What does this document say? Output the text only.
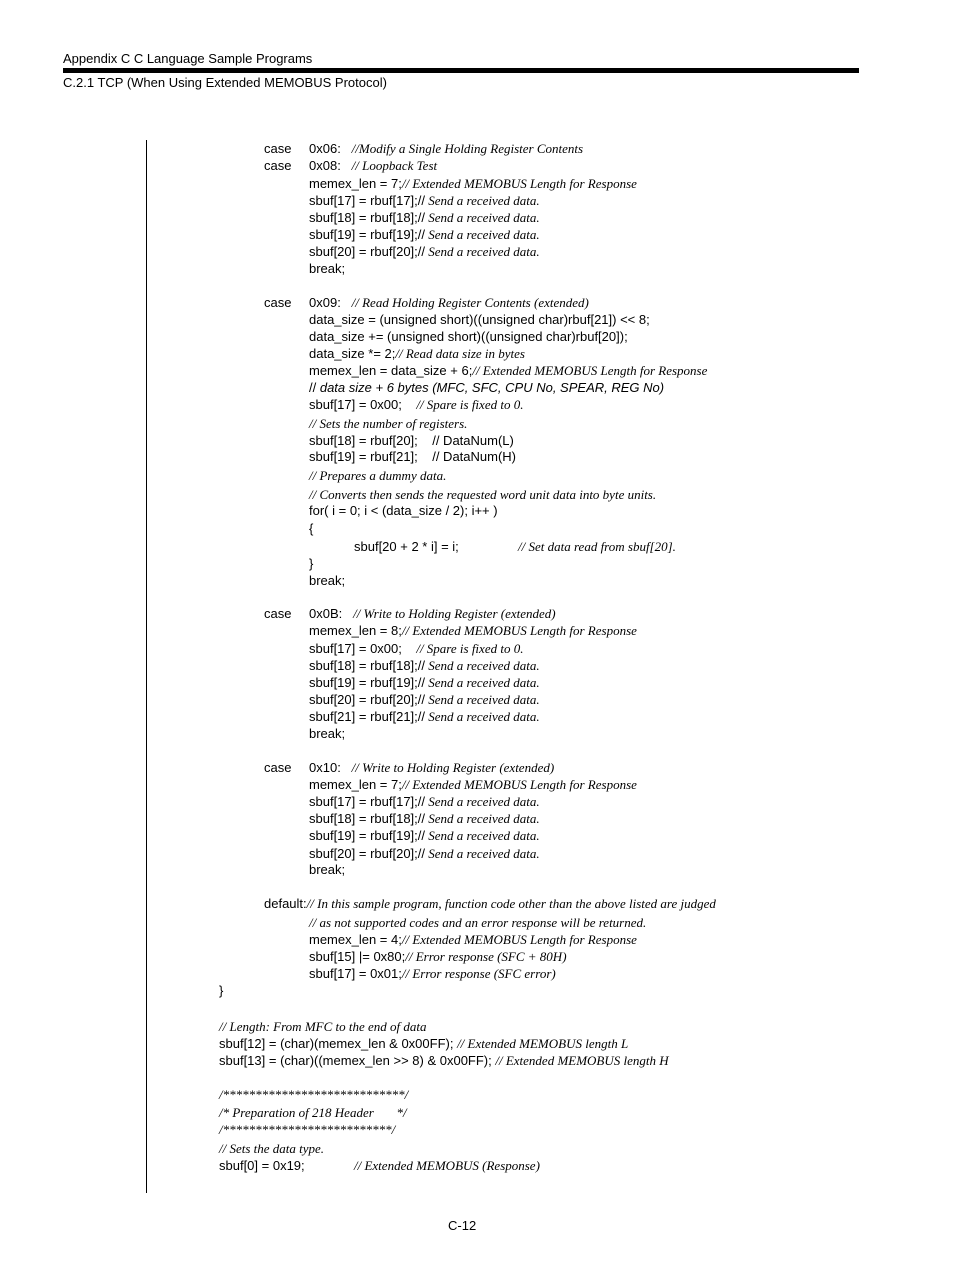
Appendix C C Language Sample Programs
C.2.1 TCP (When Using Extended MEMOBUS Protocol)
case 0x06:   //Modify a Single Holding Register Contents
case 0x08:   // Loopback Test
memex_len = 7;// Extended MEMOBUS Length for Response
sbuf[17] = rbuf[17];// Send a received data.
sbuf[18] = rbuf[18];// Send a received data.
sbuf[19] = rbuf[19];// Send a received data.
sbuf[20] = rbuf[20];// Send a received data.
break;
case 0x09:   // Read Holding Register Contents (extended)
data_size = (unsigned short)((unsigned char)rbuf[21]) << 8;
data_size += (unsigned short)((unsigned char)rbuf[20]);
data_size *= 2;// Read data size in bytes
memex_len = data_size + 6;// Extended MEMOBUS Length for Response
// data size + 6 bytes (MFC, SFC, CPU No, SPEAR, REG No)
sbuf[17] = 0x00;    // Spare is fixed to 0.
// Sets the number of registers.
sbuf[18] = rbuf[20];    // DataNum(L)
sbuf[19] = rbuf[21];    // DataNum(H)
// Prepares a dummy data.
// Converts then sends the requested word unit data into byte units.
for( i = 0; i < (data_size / 2); i++ )
{
sbuf[20 + 2 * i] = i;	// Set data read from sbuf[20].
}
break;
case 0x0B:   // Write to Holding Register (extended)
memex_len = 8;// Extended MEMOBUS Length for Response
sbuf[17] = 0x00;    // Spare is fixed to 0.
sbuf[18] = rbuf[18];// Send a received data.
sbuf[19] = rbuf[19];// Send a received data.
sbuf[20] = rbuf[20];// Send a received data.
sbuf[21] = rbuf[21];// Send a received data.
break;
case 0x10:   // Write to Holding Register (extended)
memex_len = 7;// Extended MEMOBUS Length for Response
sbuf[17] = rbuf[17];// Send a received data.
sbuf[18] = rbuf[18];// Send a received data.
sbuf[19] = rbuf[19];// Send a received data.
sbuf[20] = rbuf[20];// Send a received data.
break;
default:// In this sample program, function code other than the above listed are judged
// as not supported codes and an error response will be returned.
memex_len = 4;// Extended MEMOBUS Length for Response
sbuf[15] |= 0x80;// Error response (SFC + 80H)
sbuf[17] = 0x01;// Error response (SFC error)
}
// Length: From MFC to the end of data
sbuf[12] = (char)(memex_len & 0x00FF); // Extended MEMOBUS length L
sbuf[13] = (char)((memex_len >> 8) & 0x00FF); // Extended MEMOBUS length H
/****************************/
/* Preparation of 218 Header       */
/**************************/
// Sets the data type.
sbuf[0] = 0x19;	// Extended MEMOBUS (Response)
C-12
